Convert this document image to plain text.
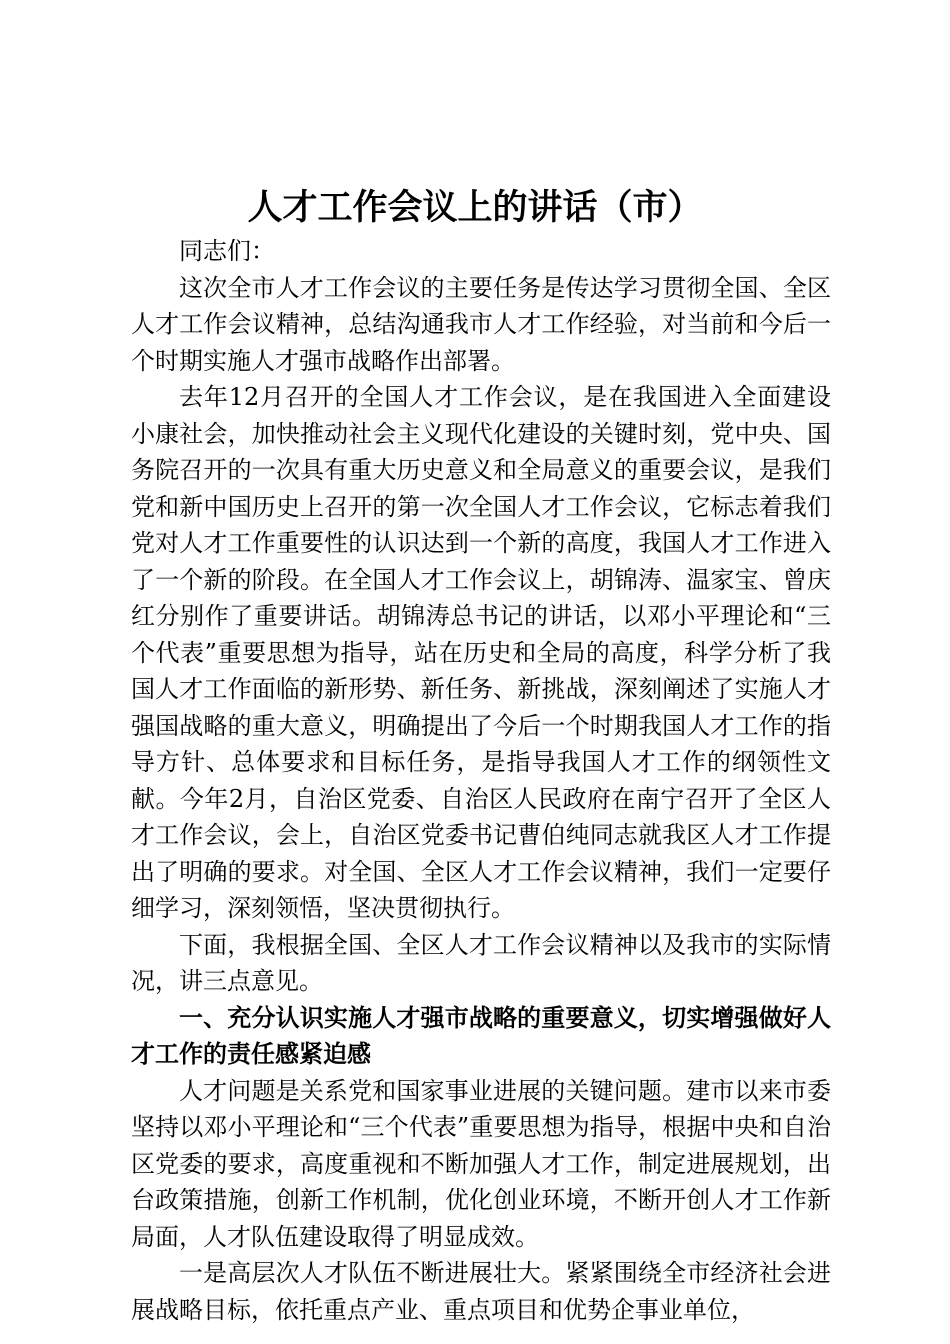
人才工作会议上的讲话（市）

同志们：

这次全市人才工作会议的主要任务是传达学习贯彻全国、全区人才工作会议精神，总结沟通我市人才工作经验，对当前和今后一个时期实施人才强市战略作出部署。

去年12月召开的全国人才工作会议，是在我国进入全面建设小康社会，加快推动社会主义现代化建设的关键时刻，党中央、国务院召开的一次具有重大历史意义和全局意义的重要会议，是我们党和新中国历史上召开的第一次全国人才工作会议，它标志着我们党对人才工作重要性的认识达到一个新的高度，我国人才工作进入了一个新的阶段。在全国人才工作会议上，胡锦涛、温家宝、曾庆红分别作了重要讲话。胡锦涛总书记的讲话，以邓小平理论和“三个代表”重要思想为指导，站在历史和全局的高度，科学分析了我国人才工作面临的新形势、新任务、新挑战，深刻阐述了实施人才强国战略的重大意义，明确提出了今后一个时期我国人才工作的指导方针、总体要求和目标任务，是指导我国人才工作的纲领性文献。今年2月，自治区党委、自治区人民政府在南宁召开了全区人才工作会议，会上，自治区党委书记曹伯纯同志就我区人才工作提出了明确的要求。对全国、全区人才工作会议精神，我们一定要仔细学习，深刻领悟，坚决贯彻执行。

下面，我根据全国、全区人才工作会议精神以及我市的实际情况，讲三点意见。

一、充分认识实施人才强市战略的重要意义，切实增强做好人才工作的责任感紧迫感

人才问题是关系党和国家事业进展的关键问题。建市以来市委坚持以邓小平理论和“三个代表”重要思想为指导，根据中央和自治区党委的要求，高度重视和不断加强人才工作，制定进展规划，出台政策措施，创新工作机制，优化创业环境，不断开创人才工作新局面，人才队伍建设取得了明显成效。

一是高层次人才队伍不断进展壮大。紧紧围绕全市经济社会进展战略目标，依托重点产业、重点项目和优势企事业单位，
